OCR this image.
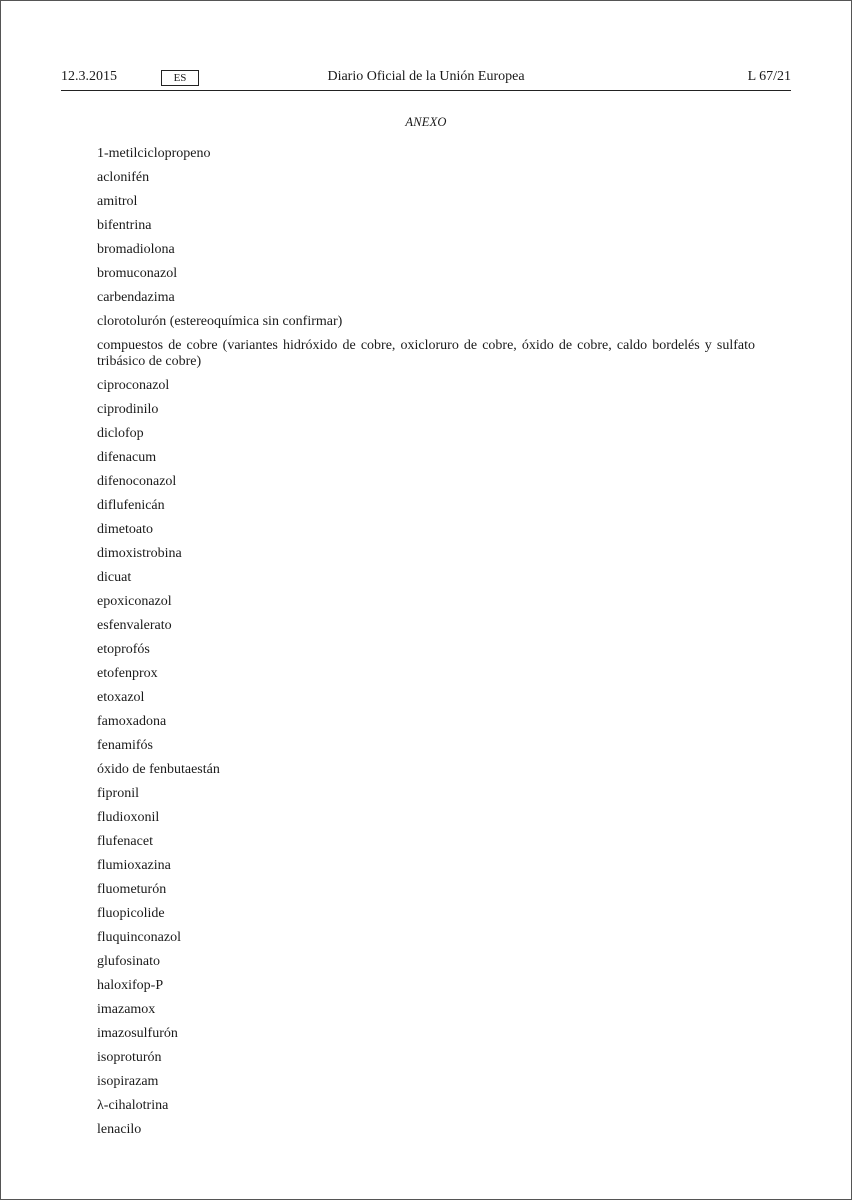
12.3.2015	ES	Diario Oficial de la Unión Europea	L 67/21
ANEXO
1-metilciclopropeno
aclonifén
amitrol
bifentrina
bromadiolona
bromuconazol
carbendazima
clorotolurón (estereoquímica sin confirmar)
compuestos de cobre (variantes hidróxido de cobre, oxicloruro de cobre, óxido de cobre, caldo bordelés y sulfato tribásico de cobre)
ciproconazol
ciprodinilo
diclofop
difenacum
difenoconazol
diflufenicán
dimetoato
dimoxistrobina
dicuat
epoxiconazol
esfenvalerato
etoprofós
etofenprox
etoxazol
famoxadona
fenamifós
óxido de fenbutaestán
fipronil
fludioxonil
flufenacet
flumioxazina
fluometurón
fluopicolide
fluquinconazol
glufosinato
haloxifop-P
imazamox
imazosulfurón
isoproturón
isopirazam
λ-cihalotrina
lenacilo
